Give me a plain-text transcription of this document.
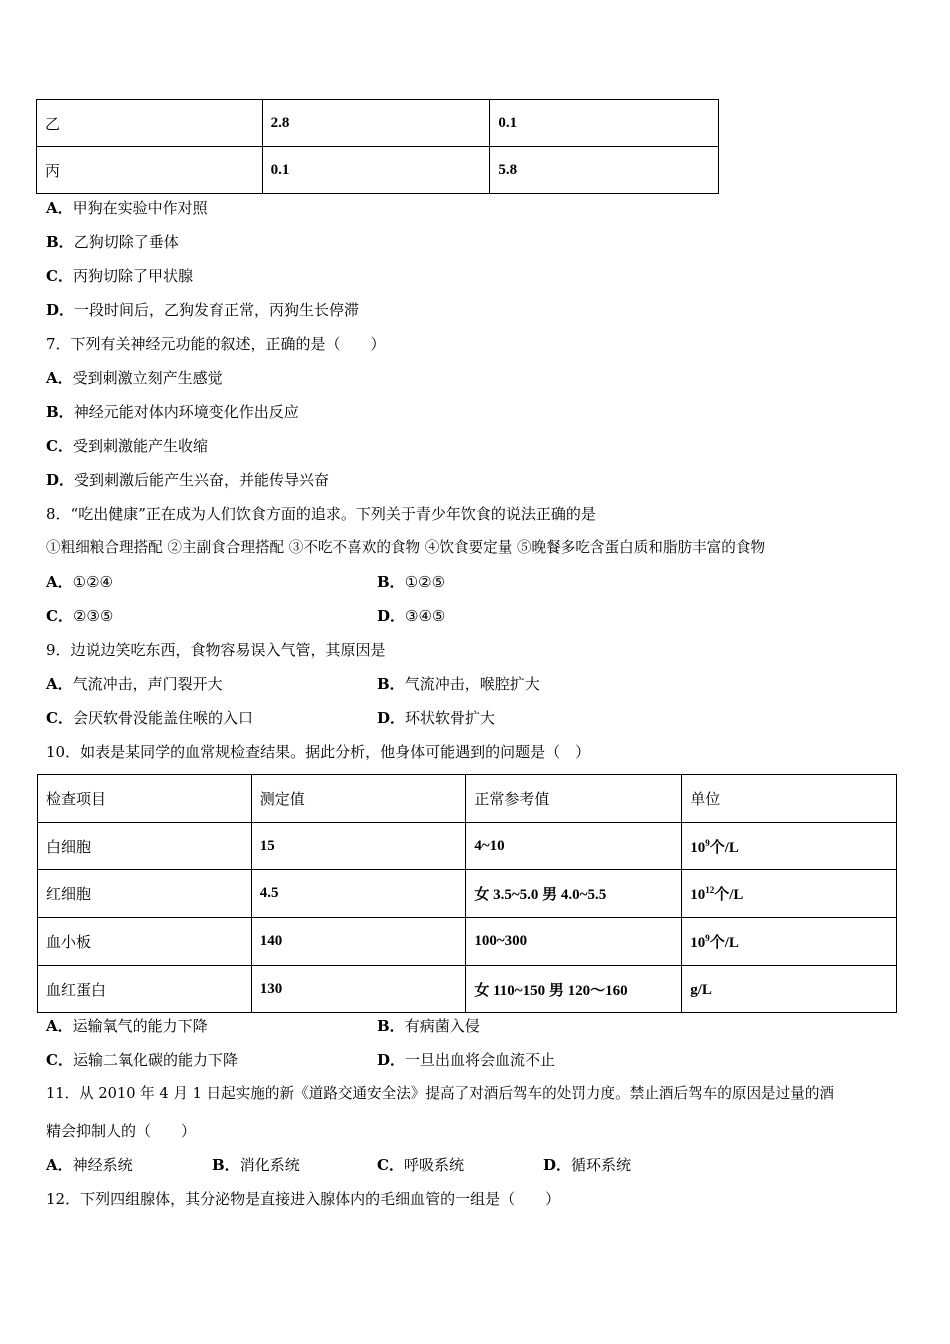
乙	2.8	0.1
丙	0.1	5.8
A．甲狗在实验中作对照
B．乙狗切除了垂体
C．丙狗切除了甲状腺
D．一段时间后，乙狗发育正常，丙狗生长停滞
7．下列有关神经元功能的叙述，正确的是（　　）
A．受到刺激立刻产生感觉
B．神经元能对体内环境变化作出反应
C．受到刺激能产生收缩
D．受到刺激后能产生兴奋，并能传导兴奋
8．“吃出健康”正在成为人们饮食方面的追求。下列关于青少年饮食的说法正确的是
①粗细粮合理搭配 ②主副食合理搭配 ③不吃不喜欢的食物 ④饮食要定量 ⑤晚餐多吃含蛋白质和脂肪丰富的食物
A．①②④	B．①②⑤
C．②③⑤	D．③④⑤
9．边说边笑吃东西，食物容易误入气管，其原因是
A．气流冲击，声门裂开大	B．气流冲击，喉腔扩大
C．会厌软骨没能盖住喉的入口	D．环状软骨扩大
10．如表是某同学的血常规检查结果。据此分析，他身体可能遇到的问题是（　）
检查项目	测定值	正常参考值	单位
白细胞	15	4~10	$10^9$个/L
红细胞	4.5	女 3.5~5.0 男 4.0~5.5	$10^{12}$个/L
血小板	140	100~300	$10^9$个/L
血红蛋白	130	女 110~150 男 120～160	g/L
A．运输氧气的能力下降	B．有病菌入侵
C．运输二氧化碳的能力下降	D．一旦出血将会血流不止
11．从 2010 年 4 月 1 日起实施的新《道路交通安全法》提高了对酒后驾车的处罚力度。禁止酒后驾车的原因是过量的酒
精会抑制人的（　　）
A．神经系统	B．消化系统	C．呼吸系统	D．循环系统
12．下列四组腺体，其分泌物是直接进入腺体内的毛细血管的一组是（　　）
